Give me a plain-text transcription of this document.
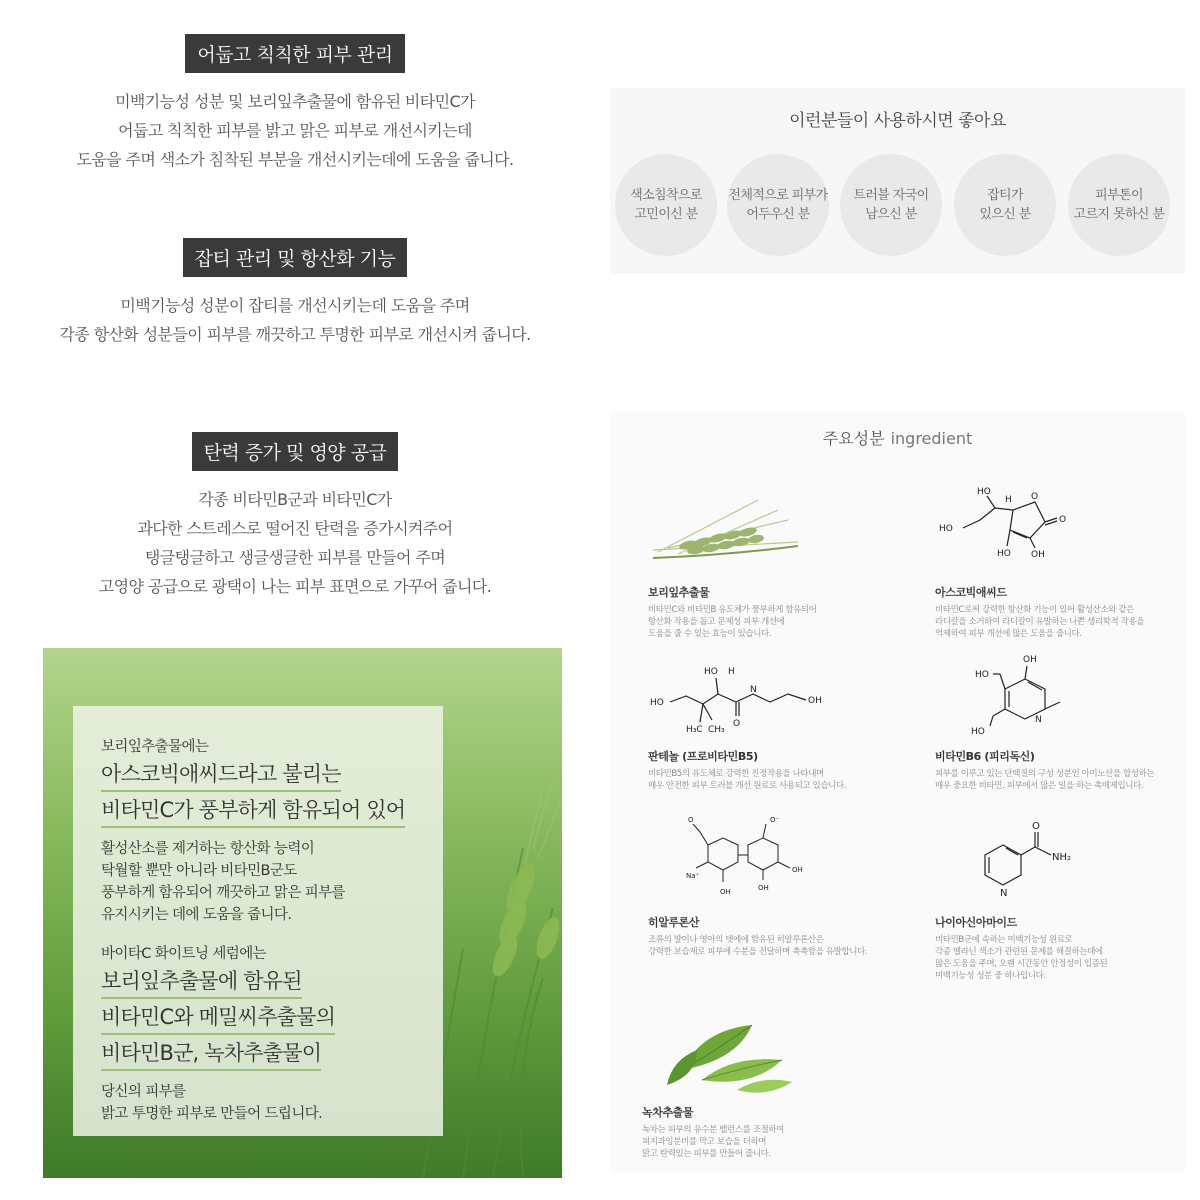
어둡고 칙칙한 피부 관리
미백기능성 성분 및 보리잎추출물에 함유된 비타민C가
어둡고 칙칙한 피부를 밝고 맑은 피부로 개선시키는데
도움을 주며 색소가 침착된 부분을 개선시키는데에 도움을 줍니다.
잡티 관리 및 항산화 기능
미백기능성 성분이 잡티를 개선시키는데 도움을 주며
각종 항산화 성분들이 피부를 깨끗하고 투명한 피부로 개선시켜 줍니다.
탄력 증가 및 영양 공급
각종 비타민B군과 비타민C가
과다한 스트레스로 떨어진 탄력을 증가시켜주어
탱글탱글하고 생글생글한 피부를 만들어 주며
고영양 공급으로 광택이 나는 피부 표면으로 가꾸어 줍니다.
이런분들이 사용하시면 좋아요
색소침착으로
고민이신 분
전체적으로 피부가
어두우신 분
트러블 자국이
남으신 분
잡티가
있으신 분
피부톤이
고르지 못하신 분
주요성분 ingredient
보리잎추출물
비타민C와 비타민B 유도체가 풍부하게 함유되어
항산화 작용을 돕고 문제성 피부 개선에
도움을 줄 수 있는 효능이 있습니다.
HO
HO
H O
O
HO OH
아스코빅애씨드
비타민C로써 강력한 항산화 기능이 있어 활성산소와 같은
라디칼을 소거하여 라디칼이 유발하는 나쁜 생리학적 작용을
억제하여 피부 개선에 많은 도움을 줍니다.
HO
HO H
H₃C CH₃
O
N
OH
판테놀 (프로비타민B5)
비타민B5의 유도체로 강력한 진정작용을 나타내며
매우 안전한 피부 트러블 개선 원료로 사용되고 있습니다.
HO
OH
HO
N
비타민B6 (피리독신)
피부를 이루고 있는 단백질의 구성 성분인 아미노산을 합성하는
매우 중요한 비타민. 피부에서 많은 일을 하는 촉매제입니다.
Na⁺
OH	OH
OH
O⁻
O
히알루론산
조류의 발이나 영아의 탯에에 함유된 히알루론산은
강력한 보습제로 피부에 수분을 전달하며 축축함을 유발합니다.
O
NH₂
N
나이아신아마이드
비타민B군에 속하는 미백기능성 원료로
각종 멜라닌 색소가 관련된 문제를 해결하는데에
많은 도움을 주며, 오랜 시간동안 안정성이 입증된
미백기능성 성분 중 하나입니다.
녹차추출물
녹차는 피부의 유수분 밸런스를 조절하여
피지과잉분비를 막고 보습을 더하며
맑고 탄력있는 피부를 만들어 줍니다.
보리잎추출물에는
아스코빅애씨드라고 불리는
비타민C가 풍부하게 함유되어 있어
활성산소를 제거하는 항산화 능력이
탁월할 뿐만 아니라 비타민B군도
풍부하게 함유되어 깨끗하고 맑은 피부를
유지시키는 데에 도움을 줍니다.
바이타C 화이트닝 세럼에는
보리잎추출물에 함유된
비타민C와 메밀씨추출물의
비타민B군, 녹차추출물이
당신의 피부를
밝고 투명한 피부로 만들어 드립니다.
